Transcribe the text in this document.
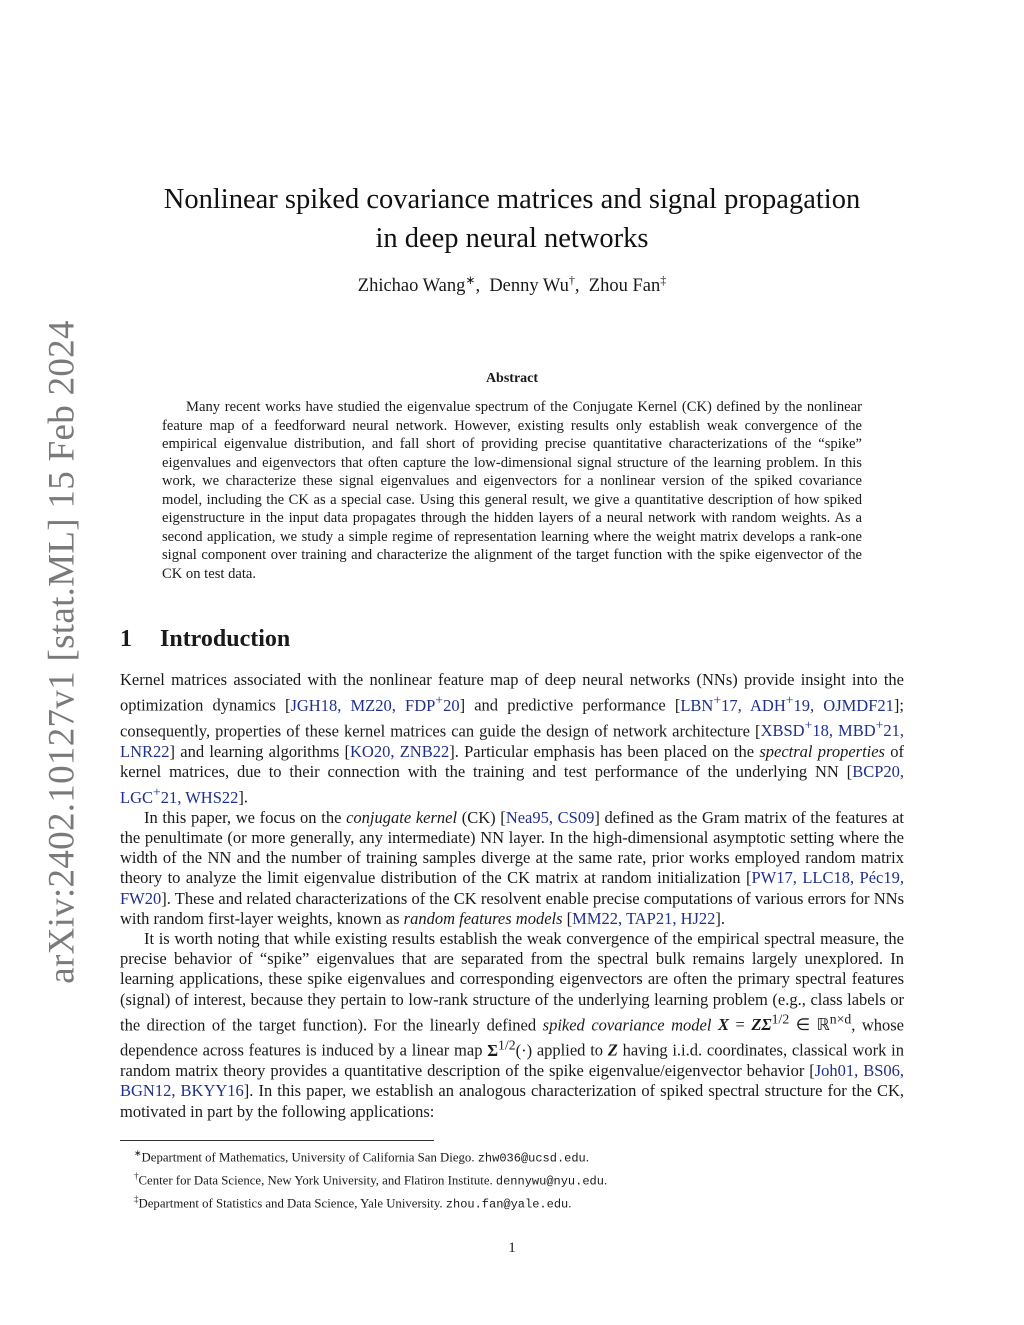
arXiv:2402.10127v1 [stat.ML] 15 Feb 2024
Nonlinear spiked covariance matrices and signal propagation
in deep neural networks
Zhichao Wang∗,  Denny Wu†,  Zhou Fan‡
Abstract
Many recent works have studied the eigenvalue spectrum of the Conjugate Kernel (CK) defined by the nonlinear feature map of a feedforward neural network. However, existing results only establish weak convergence of the empirical eigenvalue distribution, and fall short of providing precise quantitative characterizations of the “spike” eigenvalues and eigenvectors that often capture the low-dimensional signal structure of the learning problem. In this work, we characterize these signal eigenvalues and eigenvectors for a nonlinear version of the spiked covariance model, including the CK as a special case. Using this general result, we give a quantitative description of how spiked eigenstructure in the input data propagates through the hidden layers of a neural network with random weights. As a second application, we study a simple regime of representation learning where the weight matrix develops a rank-one signal component over training and characterize the alignment of the target function with the spike eigenvector of the CK on test data.
1 Introduction

Kernel matrices associated with the nonlinear feature map of deep neural networks (NNs) provide insight into the optimization dynamics [JGH18, MZ20, FDP+20] and predictive performance [LBN+17, ADH+19, OJMDF21]; consequently, properties of these kernel matrices can guide the design of network architecture [XBSD+18, MBD+21, LNR22] and learning algorithms [KO20, ZNB22]. Particular emphasis has been placed on the spectral properties of kernel matrices, due to their connection with the training and test performance of the underlying NN [BCP20, LGC+21, WHS22].

In this paper, we focus on the conjugate kernel (CK) [Nea95, CS09] defined as the Gram matrix of the features at the penultimate (or more generally, any intermediate) NN layer. In the high-dimensional asymptotic setting where the width of the NN and the number of training samples diverge at the same rate, prior works employed random matrix theory to analyze the limit eigenvalue distribution of the CK matrix at random initialization [PW17, LLC18, Péc19, FW20]. These and related characterizations of the CK resolvent enable precise computations of various errors for NNs with random first-layer weights, known as random features models [MM22, TAP21, HJ22].

It is worth noting that while existing results establish the weak convergence of the empirical spectral measure, the precise behavior of “spike” eigenvalues that are separated from the spectral bulk remains largely unexplored. In learning applications, these spike eigenvalues and corresponding eigenvectors are often the primary spectral features (signal) of interest, because they pertain to low-rank structure of the underlying learning problem (e.g., class labels or the direction of the target function). For the linearly defined spiked covariance model $X = Z\Sigma^{1/2}$ ∈ ℝ$^{n\times d}$, whose dependence across features is induced by a linear map $\Sigma^{1/2}(\cdot)$ applied to Z having i.i.d. coordinates, classical work in random matrix theory provides a quantitative description of the spike eigenvalue/eigenvector behavior [Joh01, BS06, BGN12, BKYY16]. In this paper, we establish an analogous characterization of spiked spectral structure for the CK, motivated in part by the following applications:

∗Department of Mathematics, University of California San Diego. zhw036@ucsd.edu.
†Center for Data Science, New York University, and Flatiron Institute. dennywu@nyu.edu.
‡Department of Statistics and Data Science, Yale University. zhou.fan@yale.edu.
1
